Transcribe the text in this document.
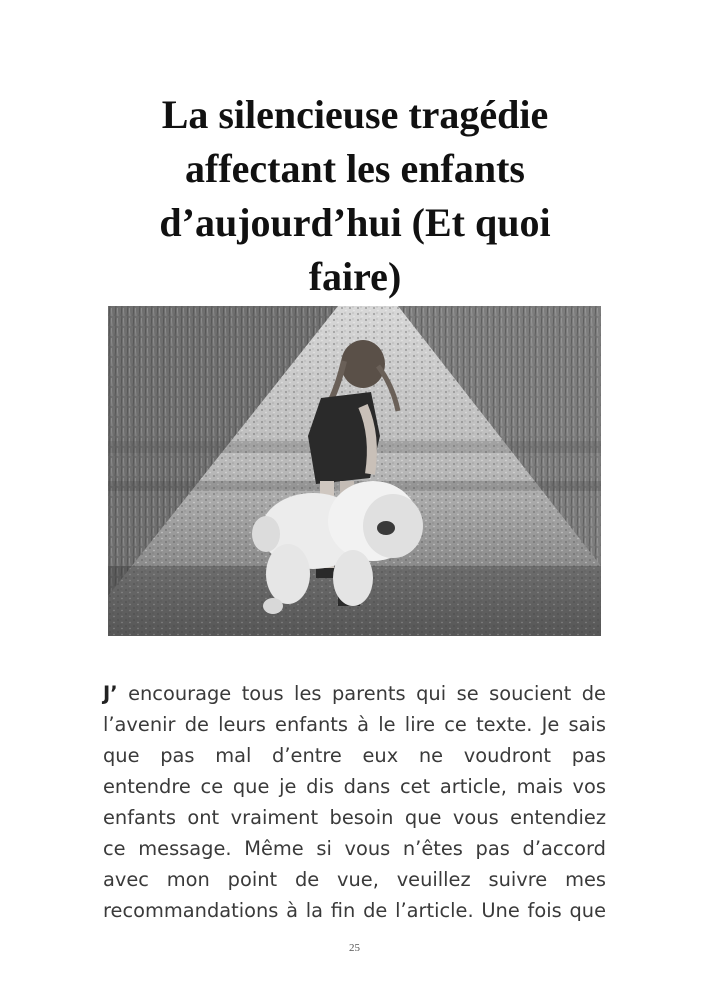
La silencieuse tragédie
affectant les enfants
d’aujourd’hui (Et quoi
faire)

J’ encourage tous les parents qui se soucient de
l’avenir de leurs enfants à le lire ce texte. Je sais
que pas mal d’entre eux ne voudront pas
entendre ce que je dis dans cet article, mais vos
enfants ont vraiment besoin que vous entendiez
ce message. Même si vous n’êtes pas d’accord
avec mon point de vue, veuillez suivre mes
recommandations à la fin de l’article. Une fois que

25
